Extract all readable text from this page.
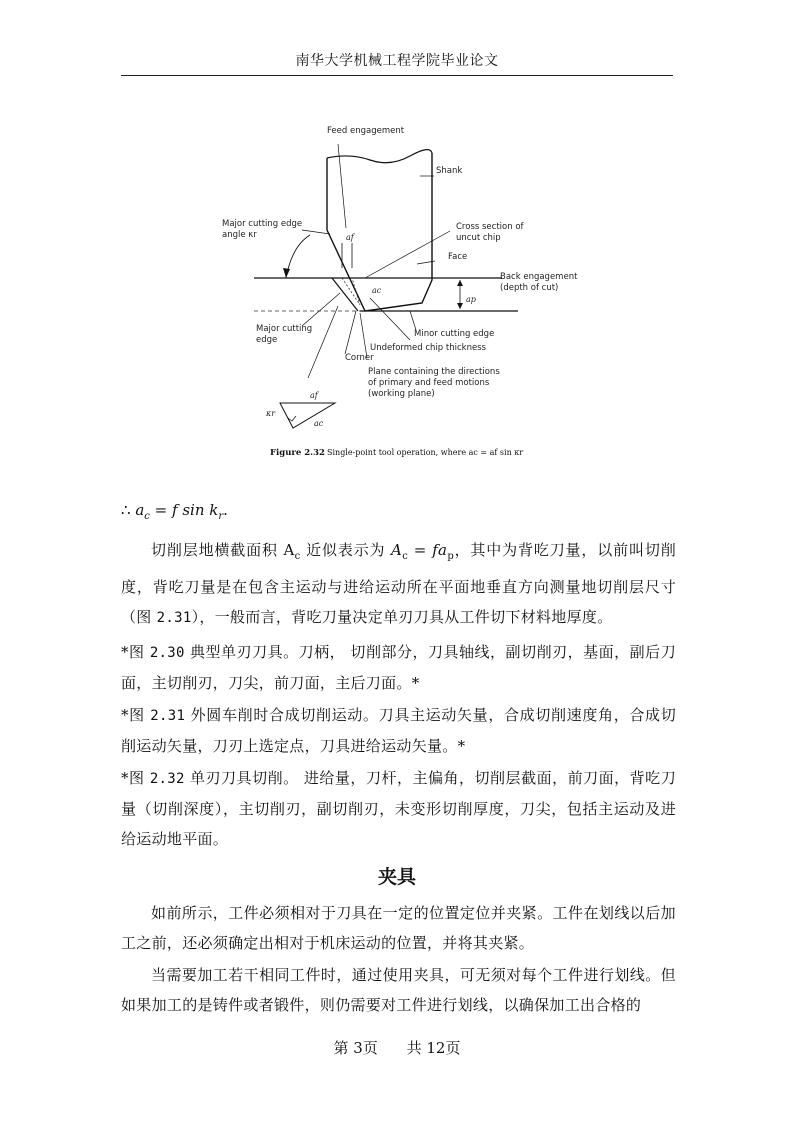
南华大学机械工程学院毕业论文
Feed engagement
Shank
Major cutting edge
angle κr
Cross section of
uncut chip
Face
Back engagement
(depth of cut)
af
ac
ap
Major cutting
edge
Minor cutting edge
Undeformed chip thickness
Corner
Plane containing the directions
of primary and feed motions
(working plane)
af
κr
ac
Figure 2.32 Single-point tool operation, where ac = af sin κr
∴ $a_c = f$ $\sin k_r$.
切削层地横截面积 $A_c$ 近似表示为 $A_c = fa_p$，其中为背吃刀量，以前叫切削度，背吃刀量是在包含主运动与进给运动所在平面地垂直方向测量地切削层尺寸（图 2.31），一般而言，背吃刀量决定单刃刀具从工件切下材料地厚度。
*图 2.30 典型单刃刀具。刀柄， 切削部分，刀具轴线，副切削刃，基面，副后刀面，主切削刃，刀尖，前刀面，主后刀面。*
*图 2.31 外圆车削时合成切削运动。刀具主运动矢量，合成切削速度角，合成切削运动矢量，刀刃上选定点，刀具进给运动矢量。*
*图 2.32 单刃刀具切削。 进给量，刀杆，主偏角，切削层截面，前刀面，背吃刀量（切削深度），主切削刃，副切削刃，未变形切削厚度，刀尖，包括主运动及进给运动地平面。
夹具
如前所示，工件必须相对于刀具在一定的位置定位并夹紧。工件在划线以后加工之前，还必须确定出相对于机床运动的位置，并将其夹紧。
当需要加工若干相同工件时，通过使用夹具，可无须对每个工件进行划线。但如果加工的是铸件或者锻件，则仍需要对工件进行划线，以确保加工出合格的
第 3页 共 12页
